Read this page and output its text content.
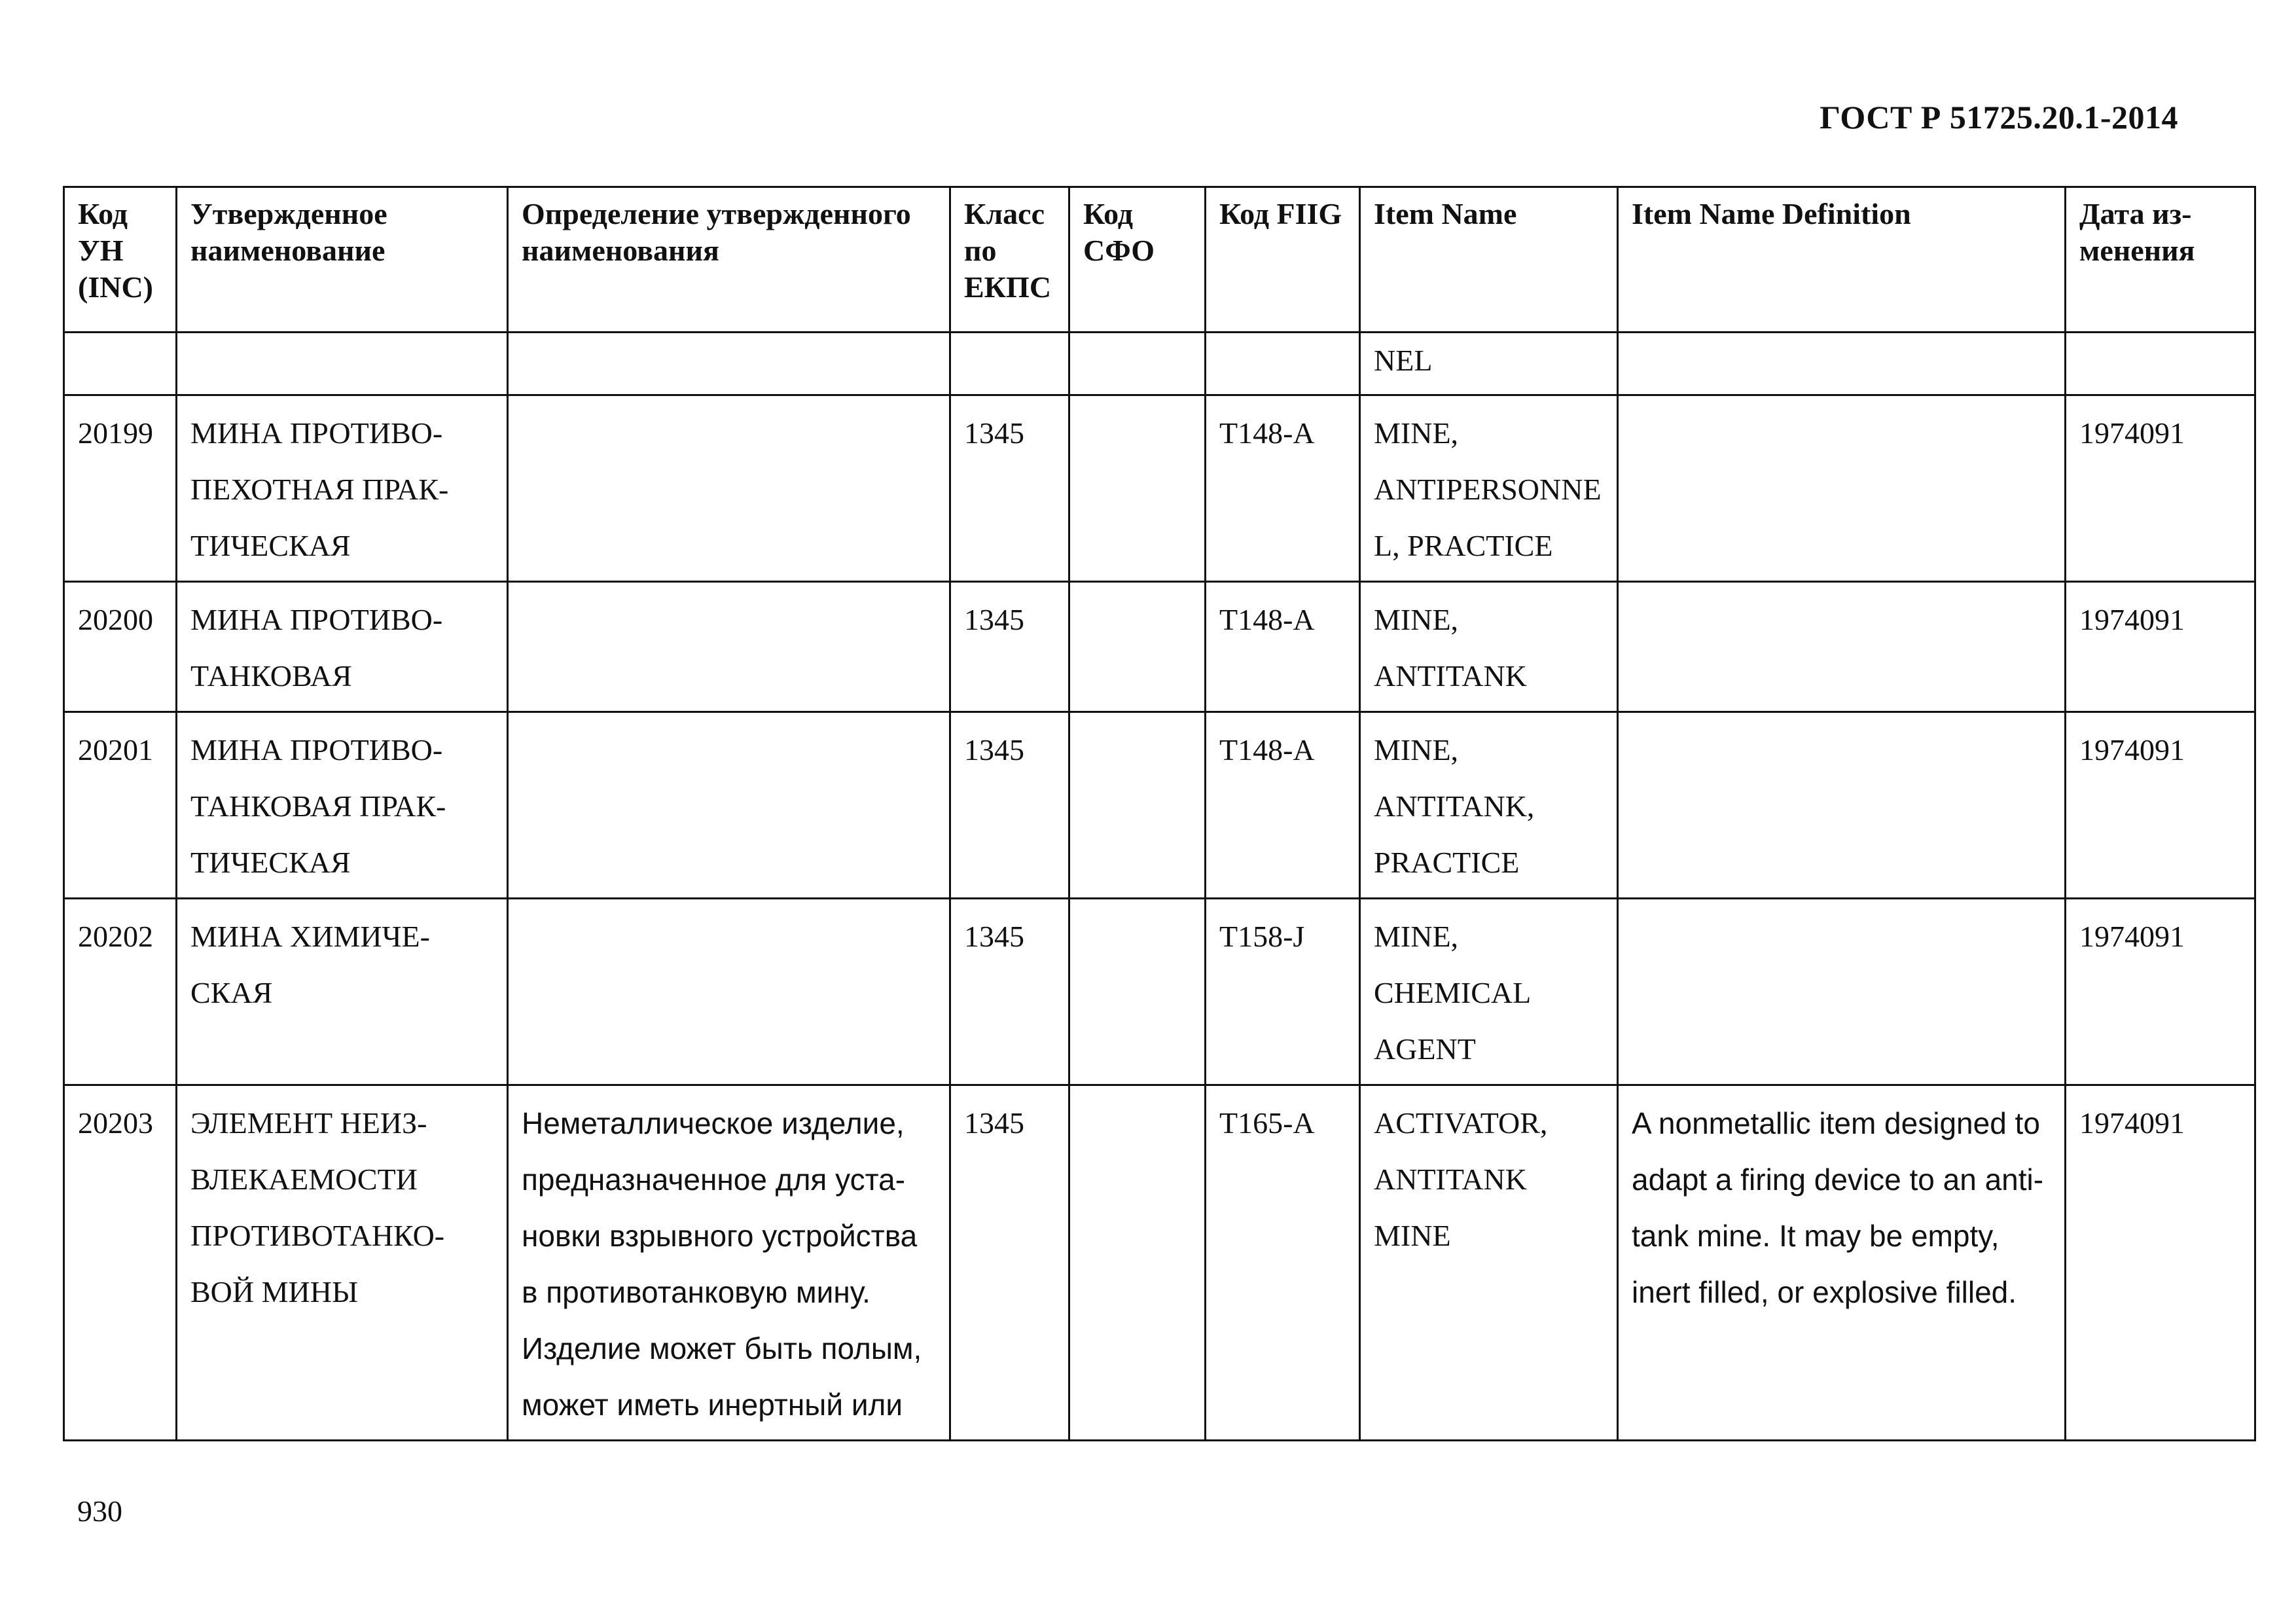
ГОСТ Р 51725.20.1-2014
Код УН (INC)	Утвержденное наименование	Определение утвержденного наименования	Класс по ЕКПС	Код СФО	Код FIIG	Item Name	Item Name Definition	Дата из-менения
						NEL		
20199	МИНА ПРОТИВО-ПЕХОТНАЯ ПРАК-ТИЧЕСКАЯ		1345		T148-A	MINE, ANTIPERSONNEL, PRACTICE		1974091
20200	МИНА ПРОТИВО-ТАНКОВАЯ		1345		T148-A	MINE, ANTITANK		1974091
20201	МИНА ПРОТИВО-ТАНКОВАЯ ПРАК-ТИЧЕСКАЯ		1345		T148-A	MINE, ANTITANK, PRACTICE		1974091
20202	МИНА ХИМИЧЕ-СКАЯ		1345		T158-J	MINE, CHEMICAL AGENT		1974091
20203	ЭЛЕМЕНТ НЕИЗ-ВЛЕКАЕМОСТИ ПРОТИВОТАНКО-ВОЙ МИНЫ	Неметаллическое изделие, предназначенное для уста-новки взрывного устройства в противотанковую мину. Изделие может быть полым, может иметь инертный или	1345		T165-A	ACTIVATOR, ANTITANK MINE	A nonmetallic item designed to adapt a firing device to an anti-tank mine. It may be empty, inert filled, or explosive filled.	1974091
930
